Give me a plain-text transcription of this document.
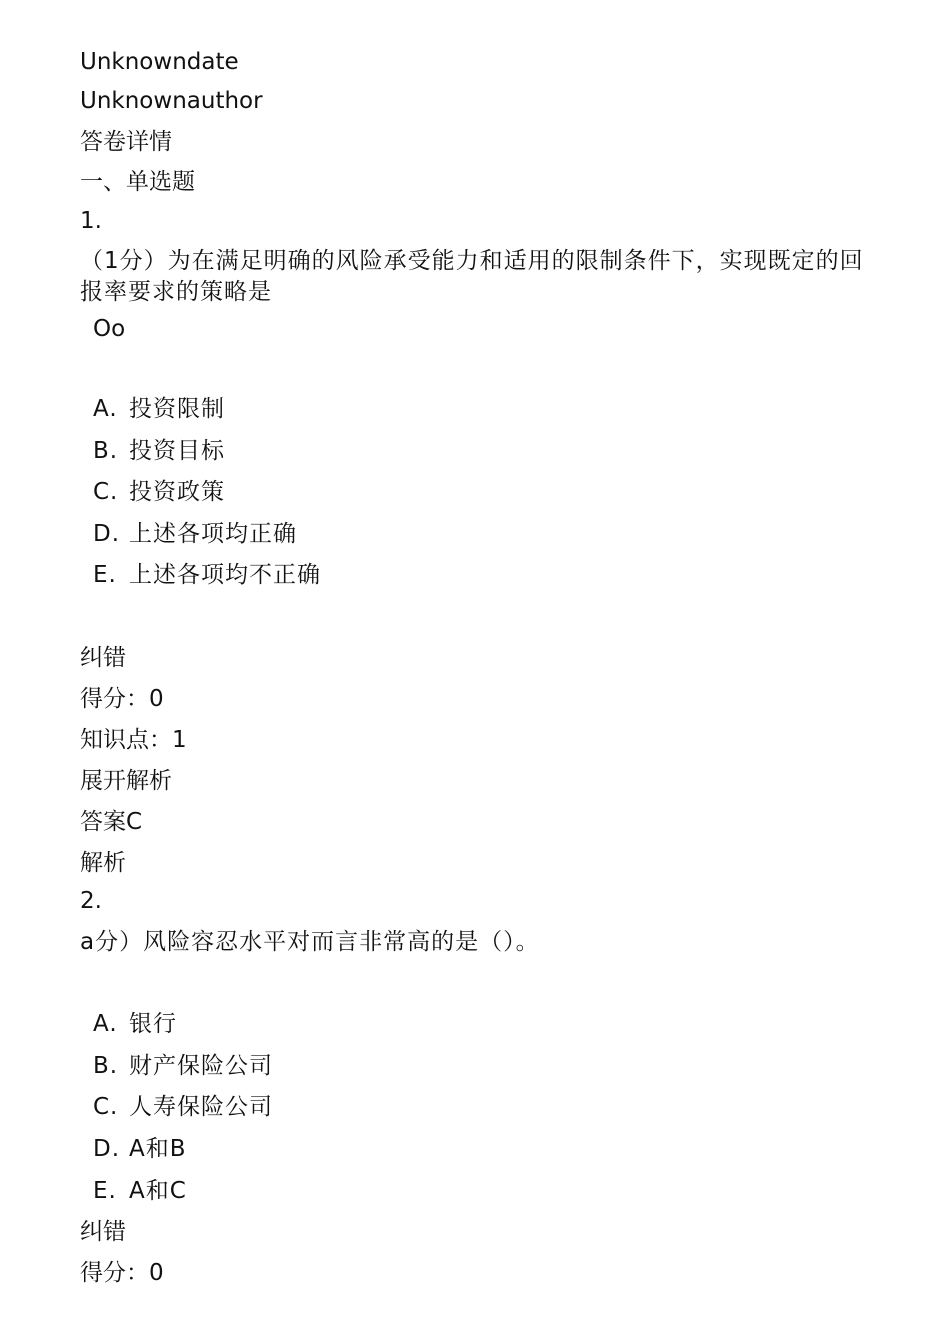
Unknowndate
Unknownauthor
答卷详情
一、单选题
1.
（1分）为在满足明确的风险承受能力和适用的限制条件下，实现既定的回报率要求的策略是
Oo
A. 投资限制
B. 投资目标
C. 投资政策
D. 上述各项均正确
E. 上述各项均不正确
纠错
得分：0
知识点：1
展开解析
答案C
解析
2.
a分）风险容忍水平对而言非常高的是（）。
A. 银行
B. 财产保险公司
C. 人寿保险公司
D. A和B
E. A和C
纠错
得分：0
